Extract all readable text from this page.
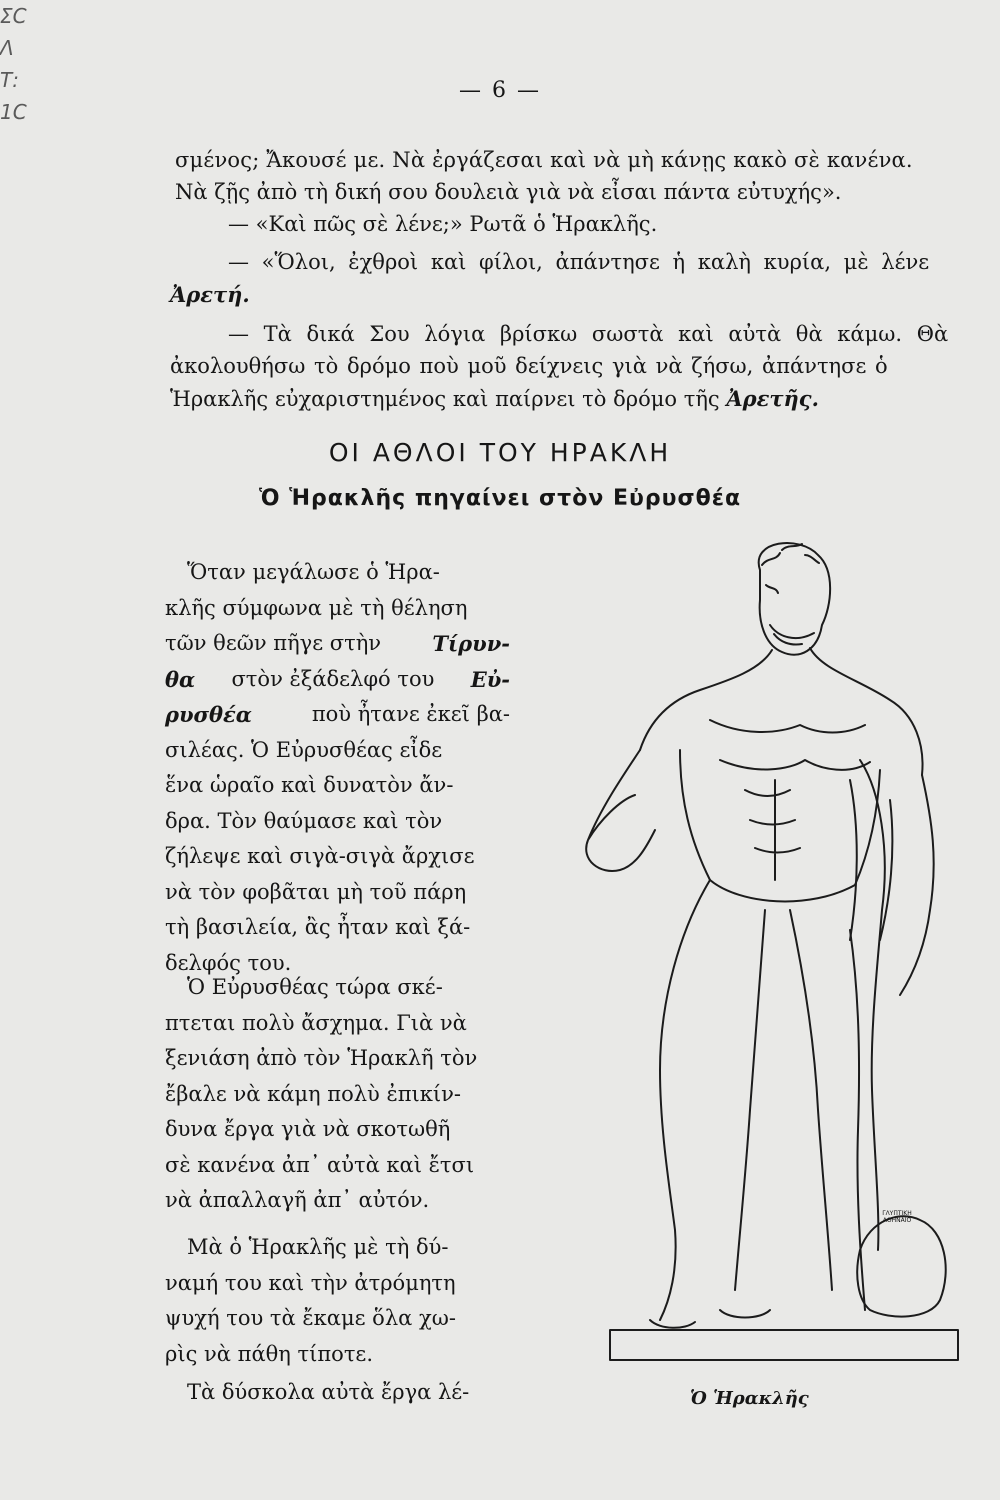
ΣC
Λ
Τ:
1C
— 6 —
σμένος; Ἄκουσέ με. Νὰ ἐργάζεσαι καὶ νὰ μὴ κάνῃς κακὸ σὲ κανένα.
Νὰ ζῇς ἀπὸ τὴ δική σου δουλειὰ γιὰ νὰ εἶσαι πάντα εὐτυχής».
— «Καὶ πῶς σὲ λένε;» Ρωτᾶ ὁ Ἡρακλῆς.
— «Ὅλοι, ἐχθροὶ καὶ φίλοι, ἀπάντησε ἡ καλὴ κυρία, μὲ λένε
Ἀρετή.
— Τὰ δικά Σου λόγια βρίσκω σωστὰ καὶ αὐτὰ θὰ κάμω. Θὰ
ἀκολουθήσω τὸ δρόμο ποὺ μοῦ δείχνεις γιὰ νὰ ζήσω, ἀπάντησε ὁ
Ἡρακλῆς εὐχαριστημένος καὶ παίρνει τὸ δρόμο τῆς Ἀρετῆς.
ΟΙ ΑΘΛΟΙ ΤΟΥ ΗΡΑΚΛΗ
Ὁ Ἡρακλῆς πηγαίνει στὸν Εὐρυσθέα
Ὅταν μεγάλωσε ὁ Ἡρα-
κλῆς σύμφωνα μὲ τὴ θέληση
τῶν θεῶν πῆγε στὴν Τίρυν-
θα στὸν ἐξάδελφό του Εὐ-
ρυσθέα	ποὺ ἦτανε ἐκεῖ βα-
σιλέας. Ὁ Εὐρυσθέας εἶδε
ἕνα ὡραῖο καὶ δυνατὸν ἄν-
δρα. Τὸν θαύμασε καὶ τὸν
ζήλεψε καὶ σιγὰ-σιγὰ ἄρχισε
νὰ τὸν φοβᾶται μὴ τοῦ πάρη
τὴ βασιλεία, ἂς ἦταν καὶ ξά-
δελφός του.
Ὁ Εὐρυσθέας τώρα σκέ-
πτεται πολὺ ἄσχημα. Γιὰ νὰ
ξενιάση ἀπὸ τὸν Ἡρακλῆ τὸν
ἔβαλε νὰ κάμη πολὺ ἐπικίν-
δυνα ἔργα γιὰ νὰ σκοτωθῆ
σὲ κανένα ἀπ᾽ αὐτὰ καὶ ἔτσι
νὰ ἀπαλλαγῆ ἀπ᾽ αὐτόν.
Μὰ ὁ Ἡρακλῆς μὲ τὴ δύ-
ναμή του καὶ τὴν ἀτρόμητη
ψυχή του τὰ ἔκαμε ὅλα χω-
ρὶς νὰ πάθη τίποτε.
Τὰ δύσκολα αὐτὰ ἔργα λέ-
ΓΛΥΠΤΙΚΗ ΑΘΗΝΑΙΟ
Ὁ Ἡρακλῆς
